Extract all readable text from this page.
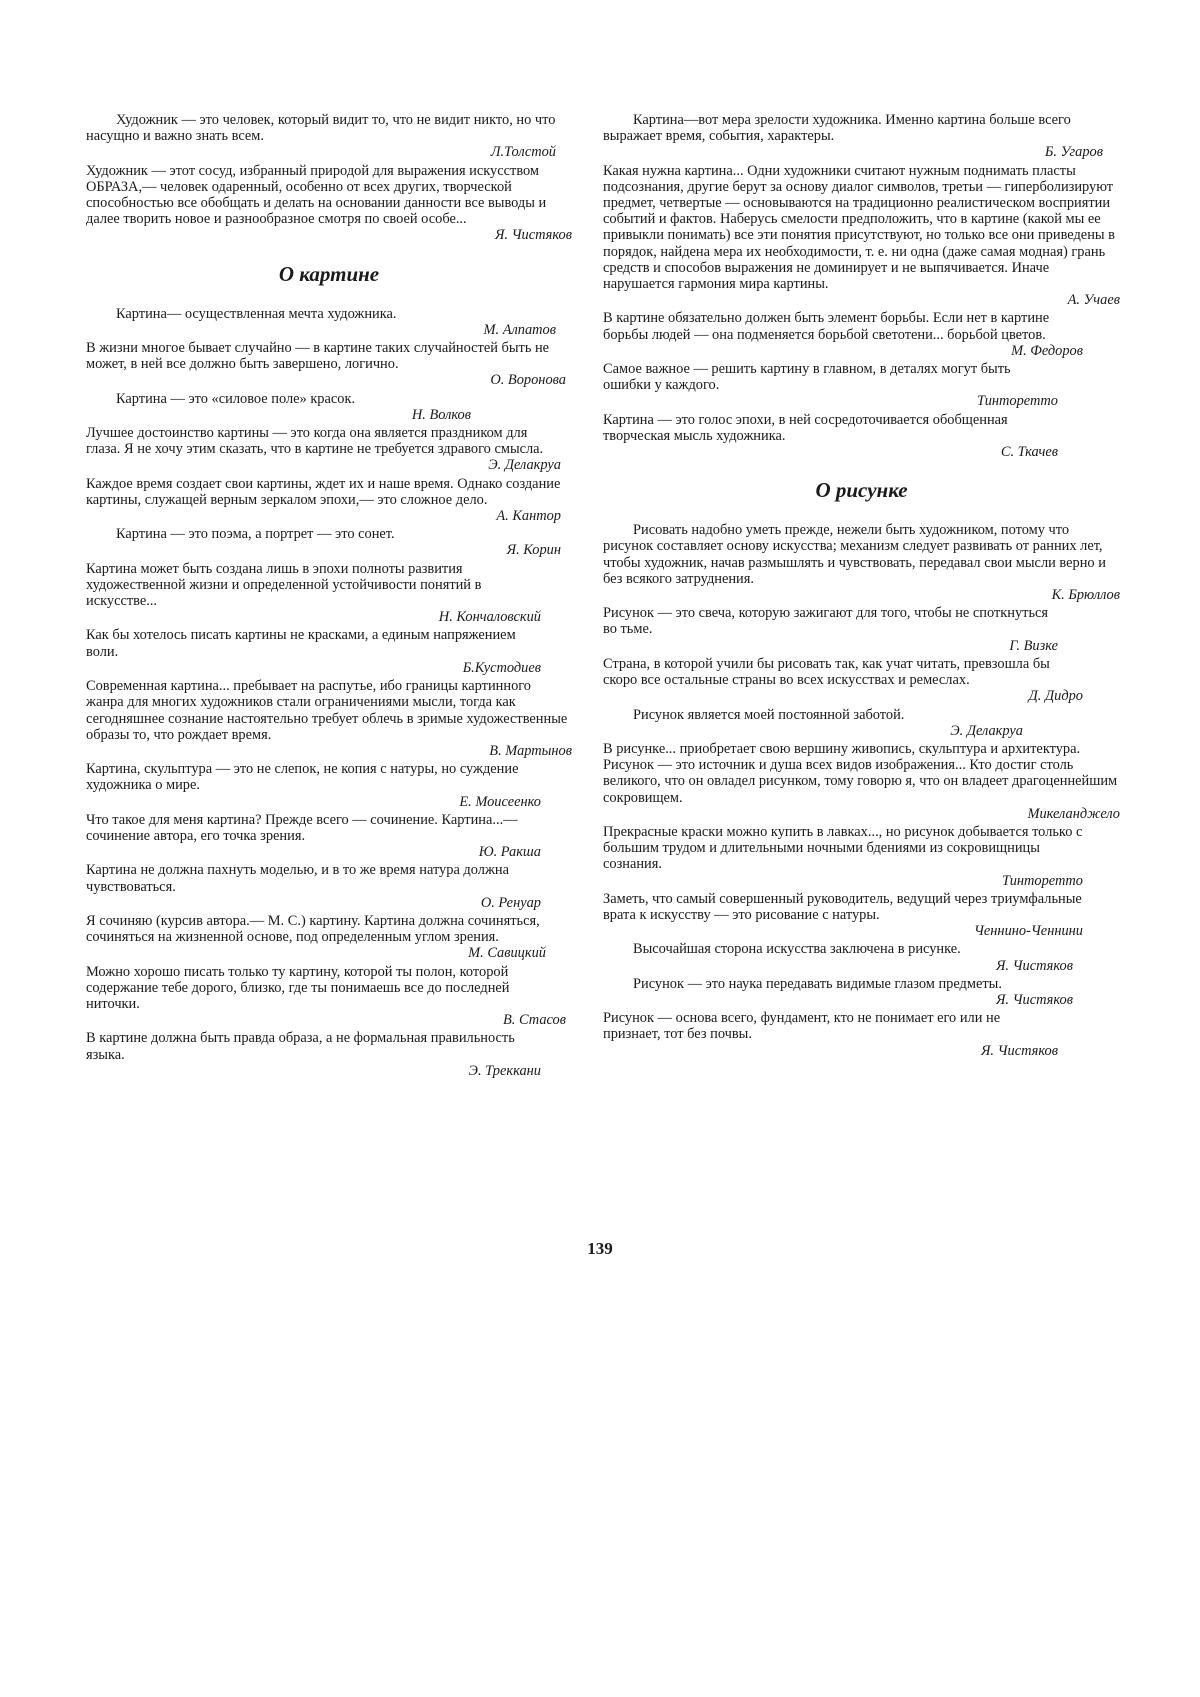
Художник — это человек, который видит то, что не видит никто, но что насущно и важно знать всем.

Л.Толстой

Художник — этот сосуд, избранный природой для выражения искусством ОБРАЗА,— человек одаренный, особенно от всех других, творческой способностью все обобщать и делать на основании данности все выводы и далее творить новое и разнообразное смотря по своей особе...

Я. Чистяков
О картине

Картина— осуществленная мечта художника.

М. Алпатов

В жизни многое бывает случайно — в картине таких случайностей быть не может, в ней все должно быть завершено, логично.

О. Воронова

Картина — это «силовое поле» красок.

Н. Волков

Лучшее достоинство картины — это когда она является праздником для глаза. Я не хочу этим сказать, что в картине не требуется здравого смысла.

Э. Делакруа

Каждое время создает свои картины, ждет их и наше время. Однако создание картины, служащей верным зеркалом эпохи,— это сложное дело.

А. Кантор

Картина — это поэма, а портрет — это сонет.

Я. Корин

Картина может быть создана лишь в эпохи полноты развития художественной жизни и определенной устойчивости понятий в искусстве...

Н. Кончаловский

Как бы хотелось писать картины не красками, а единым напряжением воли.

Б.Кустодиев

Современная картина... пребывает на распутье, ибо границы картинного жанра для многих художников стали ограничениями мысли, тогда как сегодняшнее сознание настоятельно требует облечь в зримые художественные образы то, что рождает время.

В. Мартынов

Картина, скульптура — это не слепок, не копия с натуры, но суждение художника о мире.

Е. Моисеенко

Что такое для меня картина? Прежде всего — сочинение. Картина...— сочинение автора, его точка зрения.

Ю. Ракша

Картина не должна пахнуть моделью, и в то же время натура должна чувствоваться.

О. Ренуар

Я сочиняю (курсив автора.— М. С.) картину. Картина должна сочиняться, сочиняться на жизненной основе, под определенным углом зрения.

М. Савицкий

Можно хорошо писать только ту картину, которой ты полон, которой содержание тебе дорого, близко, где ты понимаешь все до последней ниточки.

В. Стасов

В картине должна быть правда образа, а не формальная правильность языка.

Э. Треккани

Картина—вот мера зрелости художника. Именно картина больше всего выражает время, события, характеры.

Б. Угаров

Какая нужна картина... Одни художники считают нужным поднимать пласты подсознания, другие берут за основу диалог символов, третьи — гиперболизируют предмет, четвертые — основываются на традиционно реалистическом восприятии событий и фактов. Наберусь смелости предположить, что в картине (какой мы ее привыкли понимать) все эти понятия присутствуют, но только все они приведены в порядок, найдена мера их необходимости, т. е. ни одна (даже самая модная) грань средств и способов выражения не доминирует и не выпячивается. Иначе нарушается гармония мира картины.

А. Учаев

В картине обязательно должен быть элемент борьбы. Если нет в картине борьбы людей — она подменяется борьбой светотени... борьбой цветов.

М. Федоров

Самое важное — решить картину в главном, в деталях могут быть ошибки у каждого.

Тинторетто

Картина — это голос эпохи, в ней сосредоточивается обобщенная творческая мысль художника.

С. Ткачев
О рисунке

Рисовать надобно уметь прежде, нежели быть художником, потому что рисунок составляет основу искусства; механизм следует развивать от ранних лет, чтобы художник, начав размышлять и чувствовать, передавал свои мысли верно и без всякого затруднения.

К. Брюллов

Рисунок — это свеча, которую зажигают для того, чтобы не споткнуться во тьме.

Г. Визке

Страна, в которой учили бы рисовать так, как учат читать, превзошла бы скоро все остальные страны во всех искусствах и ремеслах.

Д. Дидро

Рисунок является моей постоянной заботой.

Э. Делакруа

В рисунке... приобретает свою вершину живопись, скульптура и архитектура. Рисунок — это источник и душа всех видов изображения... Кто достиг столь великого, что он овладел рисунком, тому говорю я, что он владеет драгоценнейшим сокровищем.

Микеланджело

Прекрасные краски можно купить в лавках..., но рисунок добывается только с большим трудом и длительными ночными бдениями из сокровищницы сознания.

Тинторетто

Заметь, что самый совершенный руководитель, ведущий через триумфальные врата к искусству — это рисование с натуры.

Ченнино-Ченнини

Высочайшая сторона искусства заключена в рисунке.

Я. Чистяков

Рисунок — это наука передавать видимые глазом предметы.

Я. Чистяков

Рисунок — основа всего, фундамент, кто не понимает его или не признает, тот без почвы.

Я. Чистяков
139
